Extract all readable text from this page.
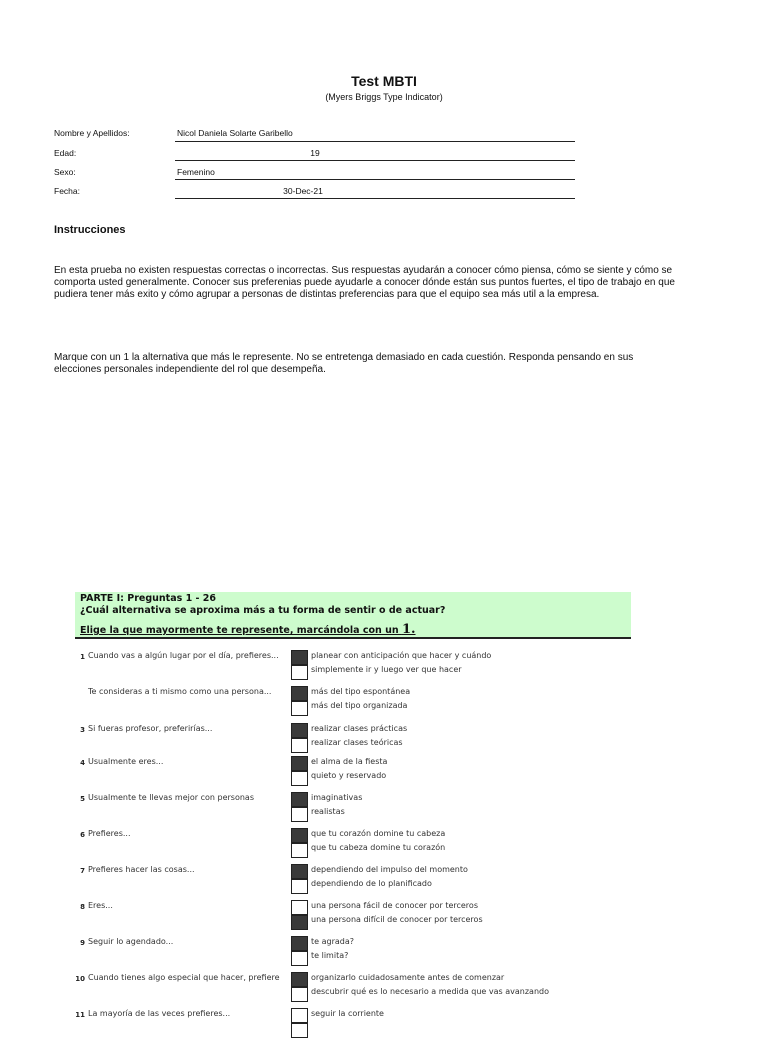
Test MBTI
(Myers Briggs Type Indicator)
Nombre y Apellidos:	Nicol Daniela Solarte Garibello
Edad:	19
Sexo:	Femenino
Fecha:	30-Dec-21
Instrucciones
En esta prueba no existen respuestas correctas o incorrectas. Sus respuestas ayudarán a conocer cómo piensa, cómo se siente y cómo se comporta usted generalmente. Conocer sus preferenias puede ayudarle a conocer dónde están sus puntos fuertes, el tipo de trabajo en que pudiera tener más exito y cómo agrupar a personas de distintas preferencias para que el equipo sea más util a la empresa.
Marque con un 1 la alternativa que más le represente. No se entretenga demasiado en cada cuestión. Responda pensando en sus elecciones personales independiente del rol que desempeña.
PARTE I: Preguntas 1 - 26
¿Cuál alternativa se aproxima más a tu forma de sentir o de actuar?
Elige la que mayormente te represente, marcándola con un 1.
1 Cuando vas a algún lugar por el día, prefieres...	planear con anticipación que hacer y cuándo
simplemente ir y luego ver que hacer
Te consideras a ti mismo como una persona...	más del tipo espontánea
más del tipo organizada
3 Si fueras profesor, preferirías...	realizar clases prácticas
realizar clases teóricas
4 Usualmente eres...	el alma de la fiesta
quieto y reservado
5 Usualmente te llevas mejor con personas	imaginativas
realistas
6 Prefieres...	que tu corazón domine tu cabeza
que tu cabeza domine tu corazón
7 Prefieres hacer las cosas...	dependiendo del impulso del momento
dependiendo de lo planificado
8 Eres...	una persona fácil de conocer por terceros
una persona difícil de conocer por terceros
9 Seguir lo agendado...	te agrada?
te limita?
10 Cuando tienes algo especial que hacer, prefiere	organizarlo cuidadosamente antes de comenzar
descubrir qué es lo necesario a medida que vas avanzando
11 La mayoría de las veces prefieres...	seguir la corriente
